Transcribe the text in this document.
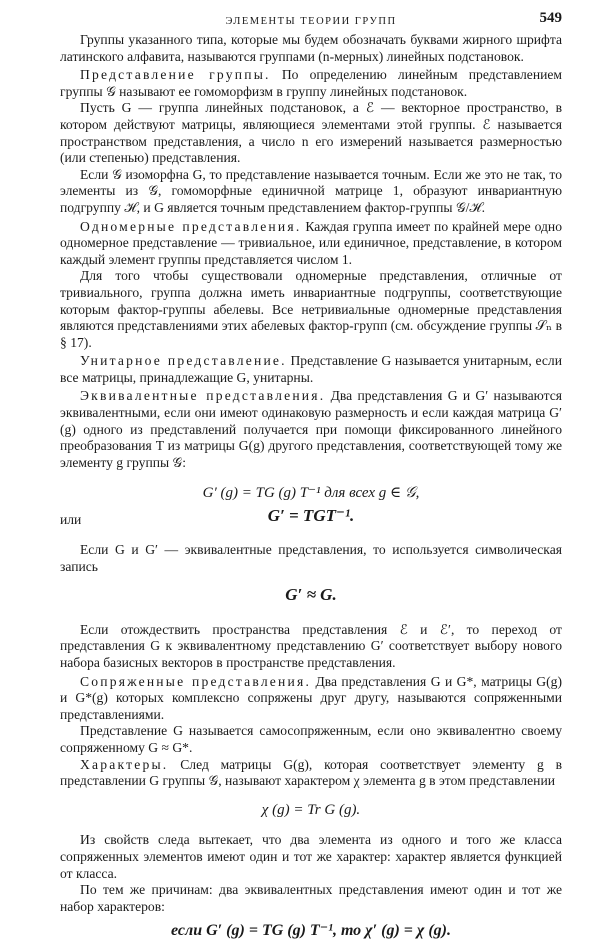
ЭЛЕМЕНТЫ ТЕОРИИ ГРУПП	549

Группы указанного типа, которые мы будем обозначать буквами жирного шрифта латинского алфавита, называются группами (n-мерных) линейных подстановок.

Представление группы. По определению линейным представлением группы 𝒢 называют ее гомоморфизм в группу линейных подстановок.

Пусть G — группа линейных подстановок, а ℰ — векторное пространство, в котором действуют матрицы, являющиеся элементами этой группы. ℰ называется пространством представления, а число n его измерений называется размерностью (или степенью) представления.

Если 𝒢 изоморфна G, то представление называется точным. Если же это не так, то элементы из 𝒢, гомоморфные единичной матрице 1, образуют инвариантную подгруппу ℋ, и G является точным представлением фактор-группы 𝒢/ℋ.

Одномерные представления. Каждая группа имеет по крайней мере одно одномерное представление — тривиальное, или единичное, представление, в котором каждый элемент группы представляется числом 1.

Для того чтобы существовали одномерные представления, отличные от тривиального, группа должна иметь инвариантные подгруппы, соответствующие которым фактор-группы абелевы. Все нетривиальные одномерные представления являются представлениями этих абелевых фактор-групп (см. обсуждение группы 𝒮ₙ в § 17).

Унитарное представление. Представление G называется унитарным, если все матрицы, принадлежащие G, унитарны.

Эквивалентные представления. Два представления G и G′ называются эквивалентными, если они имеют одинаковую размерность и если каждая матрица G′(g) одного из представлений получается при помощи фиксированного линейного преобразования T из матрицы G(g) другого представления, соответствующей тому же элементу g группы 𝒢:

G′ (g) = TG (g) T⁻¹ для всех g ∈ 𝒢,

или	G′ = TGT⁻¹.

Если G и G′ — эквивалентные представления, то используется символическая запись

G′ ≈ G.

Если отождествить пространства представления ℰ и ℰ′, то переход от представления G к эквивалентному представлению G′ соответствует выбору нового набора базисных векторов в пространстве представления.

Сопряженные представления. Два представления G и G*, матрицы G(g) и G*(g) которых комплексно сопряжены друг другу, называются сопряженными представлениями.

Представление G называется самосопряженным, если оно эквивалентно своему сопряженному G ≈ G*.

Характеры. След матрицы G(g), которая соответствует элементу g в представлении G группы 𝒢, называют характером χ элемента g в этом представлении

χ (g) = Tr G (g).

Из свойств следа вытекает, что два элемента из одного и того же класса сопряженных элементов имеют один и тот же характер: характер является функцией от класса.

По тем же причинам: два эквивалентных представления имеют один и тот же набор характеров:

если G′ (g) = TG (g) T⁻¹, то χ′ (g) = χ (g).
